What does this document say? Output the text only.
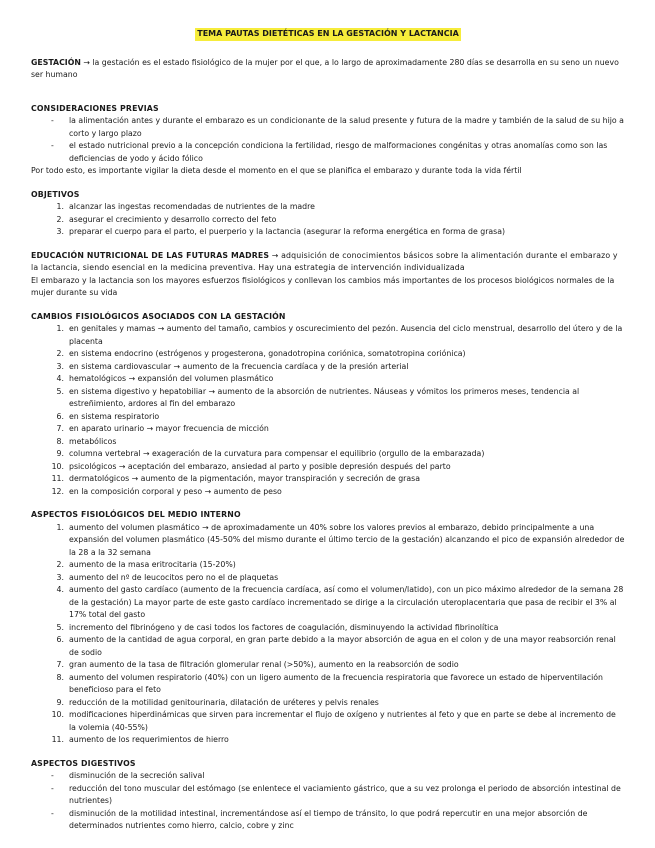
TEMA PAUTAS DIETÉTICAS EN LA GESTACIÓN Y LACTANCIA

GESTACIÓN → la gestación es el estado fisiológico de la mujer por el que, a lo largo de aproximadamente 280 días se desarrolla en su seno un nuevo ser humano

CONSIDERACIONES PREVIAS

- la alimentación antes y durante el embarazo es un condicionante de la salud presente y futura de la madre y también de la salud de su hijo a corto y largo plazo
- el estado nutricional previo a la concepción condiciona la fertilidad, riesgo de malformaciones congénitas y otras anomalías como son las deficiencias de yodo y ácido fólico

Por todo esto, es importante vigilar la dieta desde el momento en el que se planifica el embarazo y durante toda la vida fértil

OBJETIVOS

1. alcanzar las ingestas recomendadas de nutrientes de la madre
2. asegurar el crecimiento y desarrollo correcto del feto
3. preparar el cuerpo para el parto, el puerperio y la lactancia (asegurar la reforma energética en forma de grasa)

EDUCACIÓN NUTRICIONAL DE LAS FUTURAS MADRES → adquisición de conocimientos básicos sobre la alimentación durante el embarazo y la lactancia, siendo esencial en la medicina preventiva. Hay una estrategia de intervención individualizada

El embarazo y la lactancia son los mayores esfuerzos fisiológicos y conllevan los cambios más importantes de los procesos biológicos normales de la mujer durante su vida

CAMBIOS FISIOLÓGICOS ASOCIADOS CON LA GESTACIÓN

1. en genitales y mamas → aumento del tamaño, cambios y oscurecimiento del pezón. Ausencia del ciclo menstrual, desarrollo del útero y de la placenta
2. en sistema endocrino (estrógenos y progesterona, gonadotropina coriónica, somatotropina coriónica)
3. en sistema cardiovascular → aumento de la frecuencia cardíaca y de la presión arterial
4. hematológicos → expansión del volumen plasmático
5. en sistema digestivo y hepatobiliar → aumento de la absorción de nutrientes. Náuseas y vómitos los primeros meses, tendencia al estreñimiento, ardores al fin del embarazo
6. en sistema respiratorio
7. en aparato urinario → mayor frecuencia de micción
8. metabólicos
9. columna vertebral → exageración de la curvatura para compensar el equilibrio (orgullo de la embarazada)
10. psicológicos → aceptación del embarazo, ansiedad al parto y posible depresión después del parto
11. dermatológicos → aumento de la pigmentación, mayor transpiración y secreción de grasa
12. en la composición corporal y peso → aumento de peso

ASPECTOS FISIOLÓGICOS DEL MEDIO INTERNO

1. aumento del volumen plasmático → de aproximadamente un 40% sobre los valores previos al embarazo, debido principalmente a una expansión del volumen plasmático (45-50% del mismo durante el último tercio de la gestación) alcanzando el pico de expansión alrededor de la 28 a la 32 semana
2. aumento de la masa eritrocitaria (15-20%)
3. aumento del nº de leucocitos pero no el de plaquetas
4. aumento del gasto cardíaco (aumento de la frecuencia cardíaca, así como el volumen/latido), con un pico máximo alrededor de la semana 28 de la gestación) La mayor parte de este gasto cardíaco incrementado se dirige a la circulación uteroplacentaria que pasa de recibir el 3% al 17% total del gasto
5. incremento del fibrinógeno y de casi todos los factores de coagulación, disminuyendo la actividad fibrinolítica
6. aumento de la cantidad de agua corporal, en gran parte debido a la mayor absorción de agua en el colon y de una mayor reabsorción renal de sodio
7. gran aumento de la tasa de filtración glomerular renal (>50%), aumento en la reabsorción de sodio
8. aumento del volumen respiratorio (40%) con un ligero aumento de la frecuencia respiratoria que favorece un estado de hiperventilación beneficioso para el feto
9. reducción de la motilidad genitourinaria, dilatación de uréteres y pelvis renales
10. modificaciones hiperdinámicas que sirven para incrementar el flujo de oxígeno y nutrientes al feto y que en parte se debe al incremento de la volemia (40-55%)
11. aumento de los requerimientos de hierro

ASPECTOS DIGESTIVOS

- disminución de la secreción salival
- reducción del tono muscular del estómago (se enlentece el vaciamiento gástrico, que a su vez prolonga el periodo de absorción intestinal de nutrientes)
- disminución de la motilidad intestinal, incrementándose así el tiempo de tránsito, lo que podrá repercutir en una mejor absorción de determinados nutrientes como hierro, calcio, cobre y zinc
